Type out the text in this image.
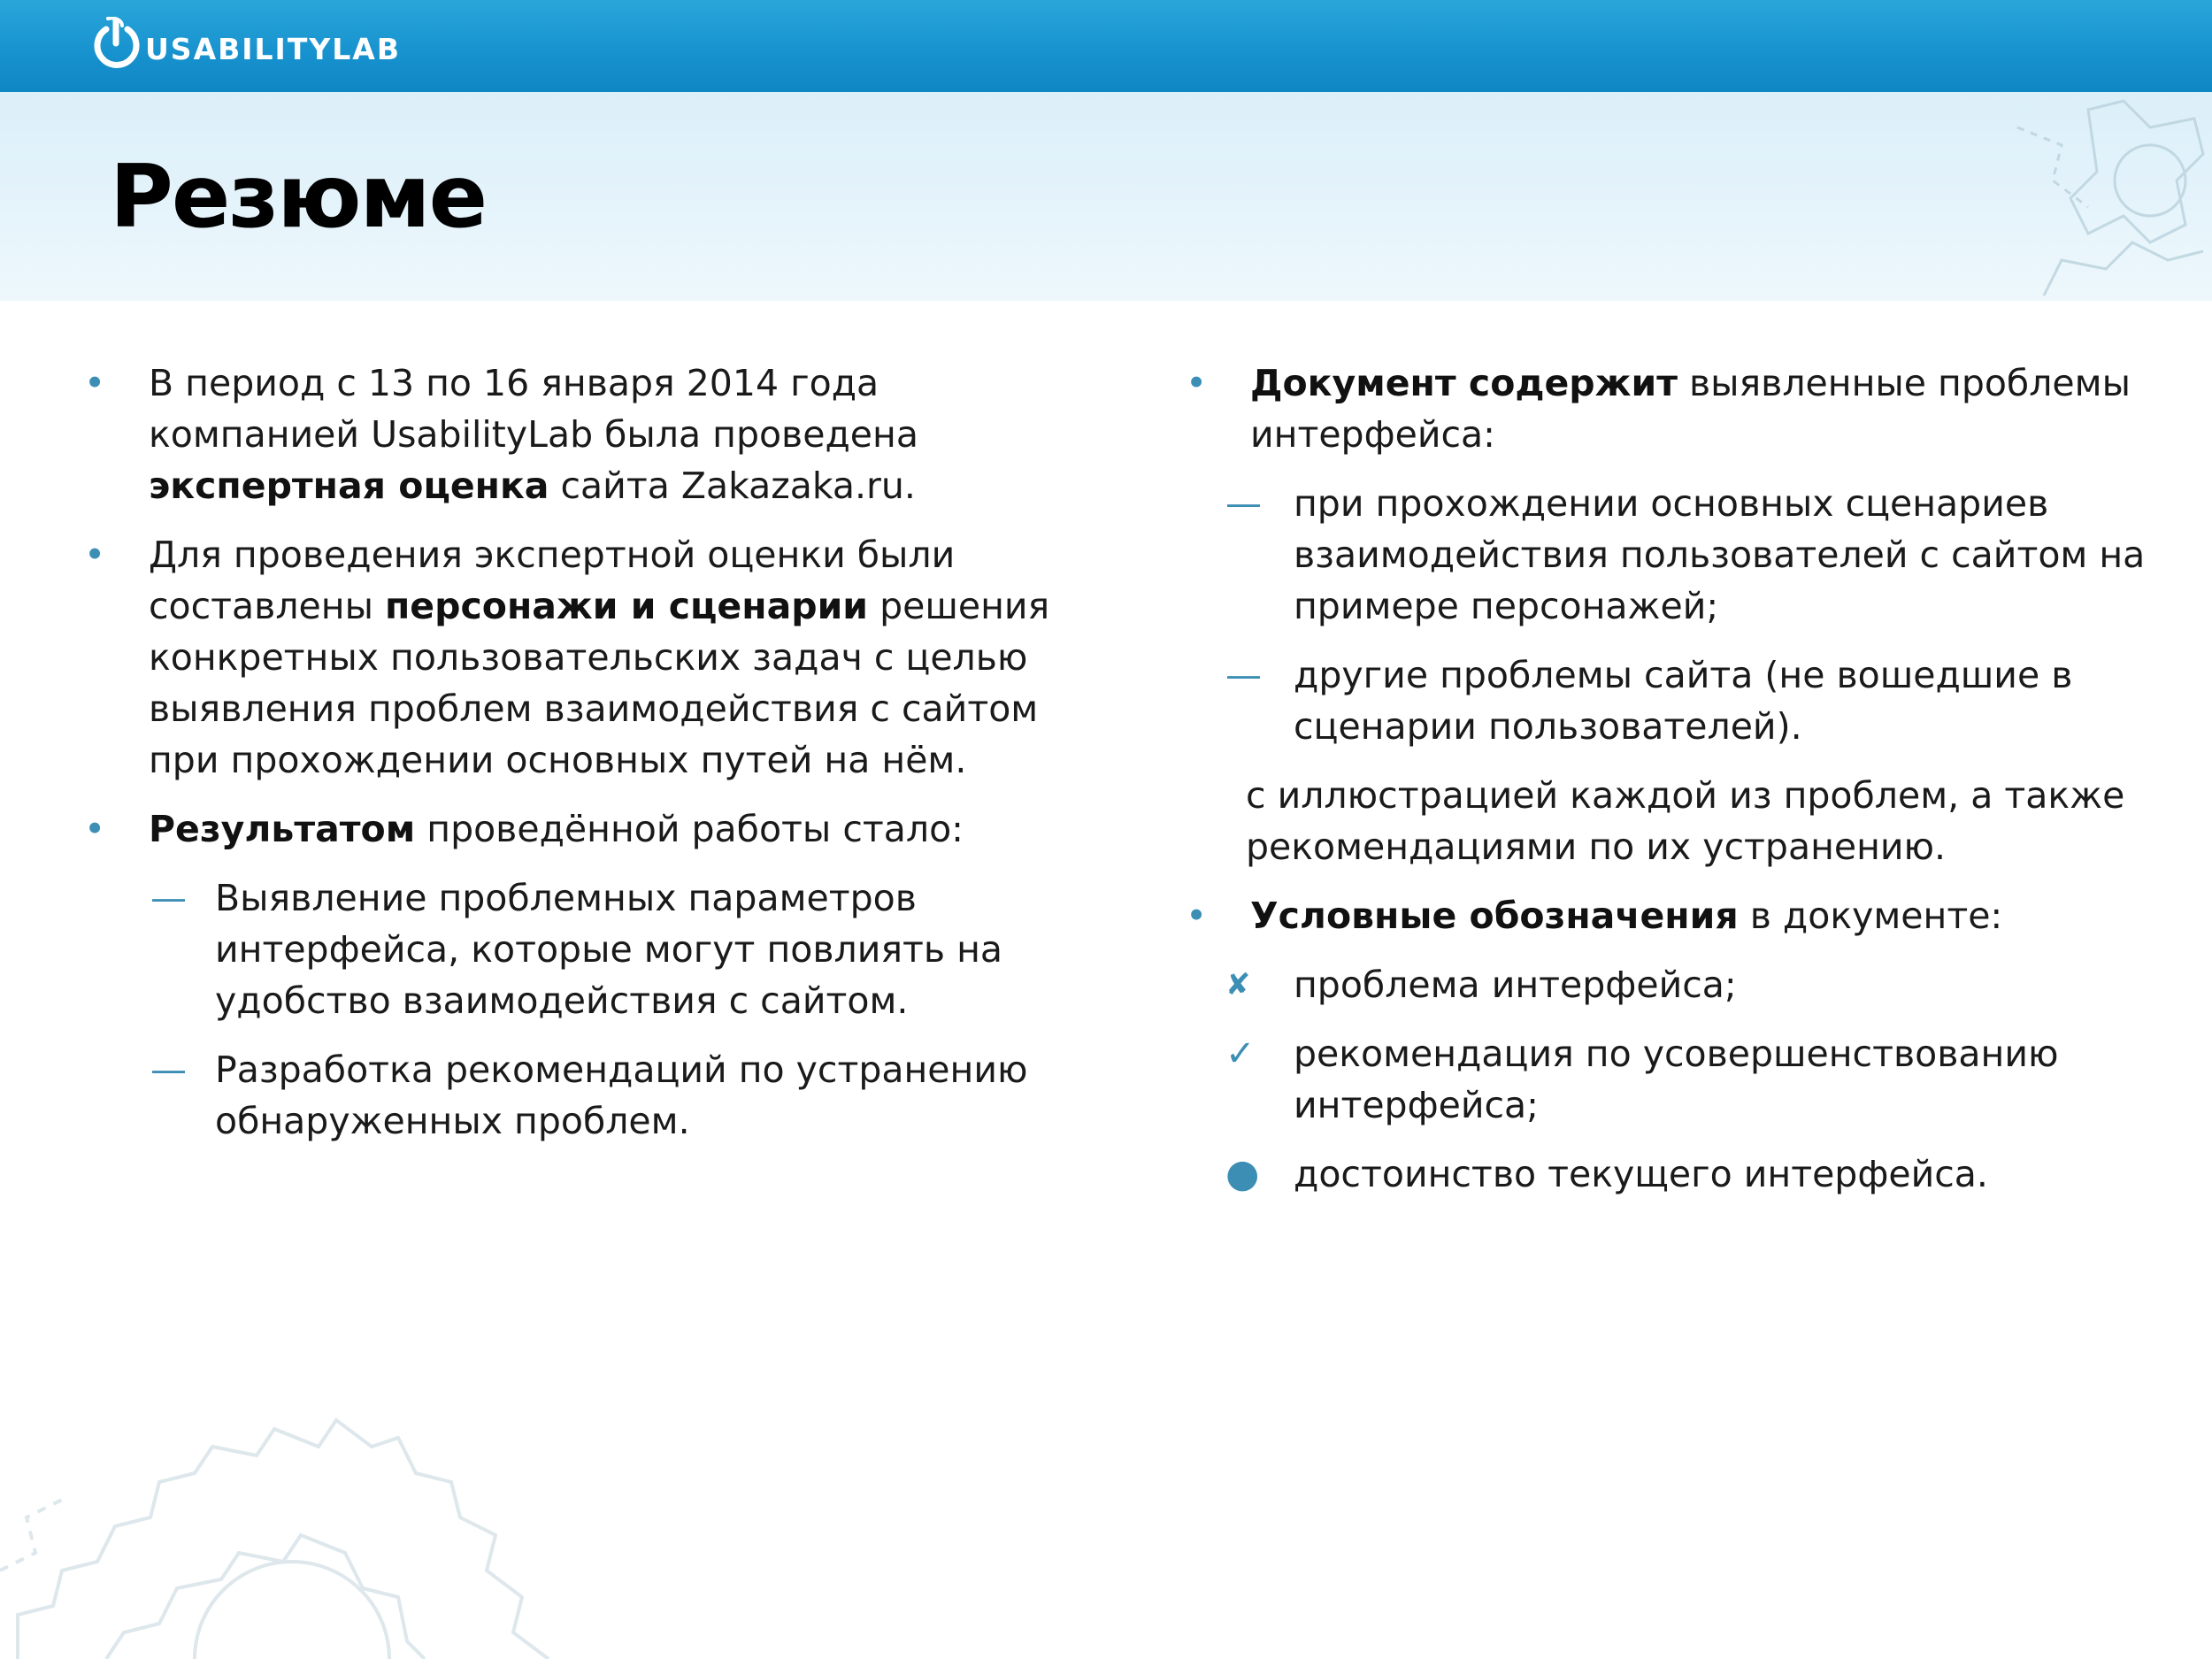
USABILITYLAB
Резюме
• В период с 13 по 16 января 2014 года компанией UsabilityLab была проведена экспертная оценка сайта Zakazaka.ru.
• Для проведения экспертной оценки были составлены персонажи и сценарии решения конкретных пользовательских задач с целью выявления проблем взаимодействия с сайтом при прохождении основных путей на нём.
• Результатом проведённой работы стало:
— Выявление проблемных параметров интерфейса, которые могут повлиять на удобство взаимодействия с сайтом.
— Разработка рекомендаций по устранению обнаруженных проблем.
• Документ содержит выявленные проблемы интерфейса:
— при прохождении основных сценариев взаимодействия пользователей с сайтом на примере персонажей;
— другие проблемы сайта (не вошедшие в сценарии пользователей).
с иллюстрацией каждой из проблем, а также рекомендациями по их устранению.
• Условные обозначения в документе:
✘ проблема интерфейса;
✓ рекомендация по усовершенствованию интерфейса;
● достоинство текущего интерфейса.
